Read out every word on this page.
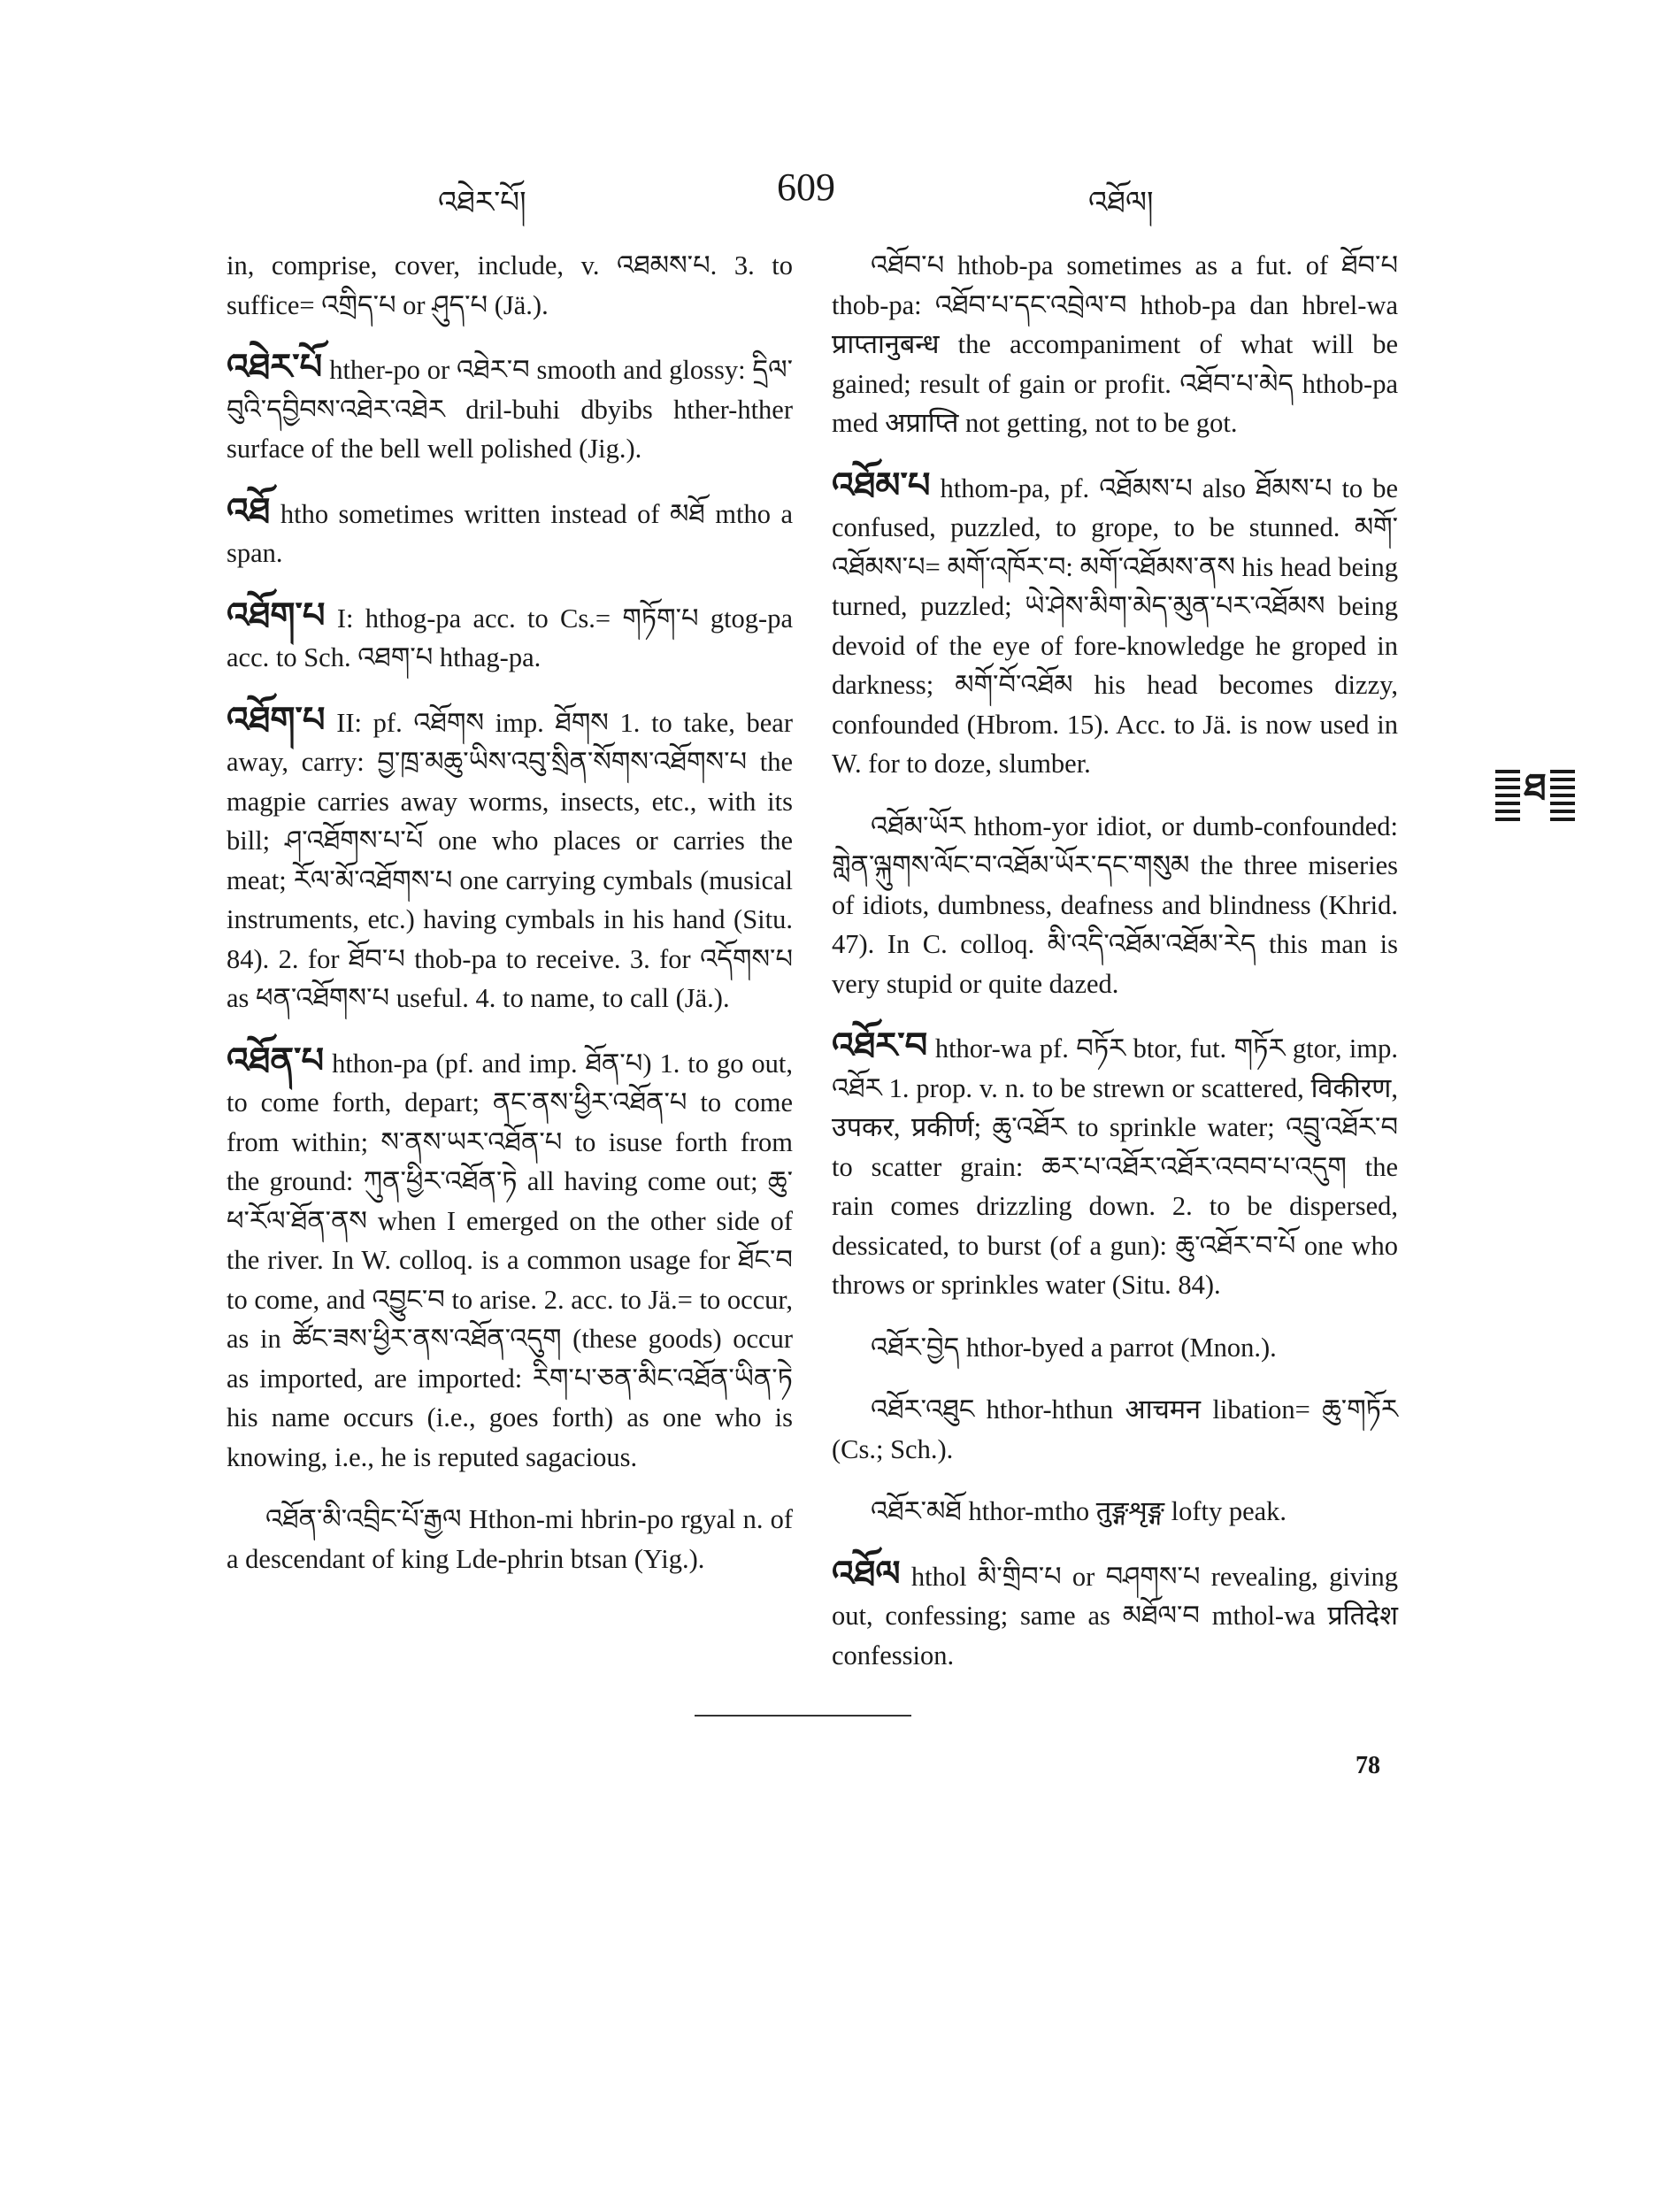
འཐེར་པོ།	609	འཐོལ།

in, comprise, cover, include, v. འཐམས་པ. 3. to suffice= འགྲིད་པ or ཤུད་པ (Jä.).

འཐེར་པོ hther-po or འཐེར་བ smooth and glossy: དྲིལ་བུའི་དབྱིབས་འཐེར་འཐེར dril-buhi dbyibs hther-hther surface of the bell well polished (Jig.).

འཐོ htho sometimes written instead of མཐོ mtho a span.

འཐོག་པ I: hthog-pa acc. to Cs.= གཏོག་པ gtog-pa acc. to Sch. འཐག་པ hthag-pa.

འཐོག་པ II: pf. འཐོགས imp. ཐོགས 1. to take, bear away, carry: བྱ་ཁྲ་མཆུ་ཡིས་འབུ་སྲིན་སོགས་འཐོགས་པ the magpie carries away worms, insects, etc., with its bill; ཤ་འཐོགས་པ་པོ one who places or carries the meat; རོལ་མོ་འཐོགས་པ one carrying cymbals (musical instruments, etc.) having cymbals in his hand (Situ. 84). 2. for ཐོབ་པ thob-pa to receive. 3. for འདོགས་པ as ཕན་འཐོགས་པ useful. 4. to name, to call (Jä.).

འཐོན་པ hthon-pa (pf. and imp. ཐོན་པ) 1. to go out, to come forth, depart; ནང་ནས་ཕྱིར་འཐོན་པ to come from within; ས་ནས་ཡར་འཐོན་པ to isuse forth from the ground: ཀུན་ཕྱིར་འཐོན་ཏེ all having come out; ཆུ་ཕ་རོལ་ཐོན་ནས when I emerged on the other side of the river. In W. colloq. is a common usage for ཐོང་བ to come, and འབྱུང་བ to arise. 2. acc. to Jä.= to occur, as in ཚོང་ཟས་ཕྱིར་ནས་འཐོན་འདུག (these goods) occur as imported, are imported: རིག་པ་ཅན་མིང་འཐོན་ཡིན་ཏེ his name occurs (i.e., goes forth) as one who is knowing, i.e., he is reputed sagacious.

འཐོན་མི་འབྲིང་པོ་རྒྱལ Hthon-mi hbrin-po rgyal n. of a descendant of king Lde-phrin btsan (Yig.).

འཐོབ་པ hthob-pa sometimes as a fut. of ཐོབ་པ thob-pa: འཐོབ་པ་དང་འབྲེལ་བ hthob-pa dan hbrel-wa प्राप्तानुबन्ध the accompaniment of what will be gained; result of gain or profit. འཐོབ་པ་མེད hthob-pa med अप्राप्ति not getting, not to be got.

འཐོམ་པ hthom-pa, pf. འཐོམས་པ also ཐོམས་པ to be confused, puzzled, to grope, to be stunned. མགོ་འཐོམས་པ= མགོ་འཁོར་བ: མགོ་འཐོམས་ནས his head being turned, puzzled; ཡེ་ཤེས་མིག་མེད་མུན་པར་འཐོམས being devoid of the eye of fore-knowledge he groped in darkness; མགོ་བོ་འཐོམ his head becomes dizzy, confounded (Hbrom. 15). Acc. to Jä. is now used in W. for to doze, slumber.

འཐོམ་ཡོར hthom-yor idiot, or dumb-confounded: གླེན་ལྐུགས་ལོང་བ་འཐོམ་ཡོར་དང་གསུམ the three miseries of idiots, dumbness, deafness and blindness (Khrid. 47). In C. colloq. མི་འདི་འཐོམ་འཐོམ་རེད this man is very stupid or quite dazed.

འཐོར་བ hthor-wa pf. བཏོར btor, fut. གཏོར gtor, imp. འཐོར 1. prop. v. n. to be strewn or scattered, विकीरण, उपकर, प्रकीर्ण; ཆུ་འཐོར to sprinkle water; འབྲུ་འཐོར་བ to scatter grain: ཆར་པ་འཐོར་འཐོར་འབབ་པ་འདུག the rain comes drizzling down. 2. to be dispersed, dessicated, to burst (of a gun): ཆུ་འཐོར་བ་པོ one who throws or sprinkles water (Situ. 84).

འཐོར་བྱེད hthor-byed a parrot (Mnon.).

འཐོར་འཐུང hthor-hthun आचमन libation= ཆུ་གཏོར (Cs.; Sch.).

འཐོར་མཐོ hthor-mtho तुङ्गशृङ्ग lofty peak.

འཐོལ hthol མི་གྲིབ་པ or བཤགས་པ revealing, giving out, confessing; same as མཐོལ་བ mthol-wa प्रतिदेश confession.

ཐ
78
